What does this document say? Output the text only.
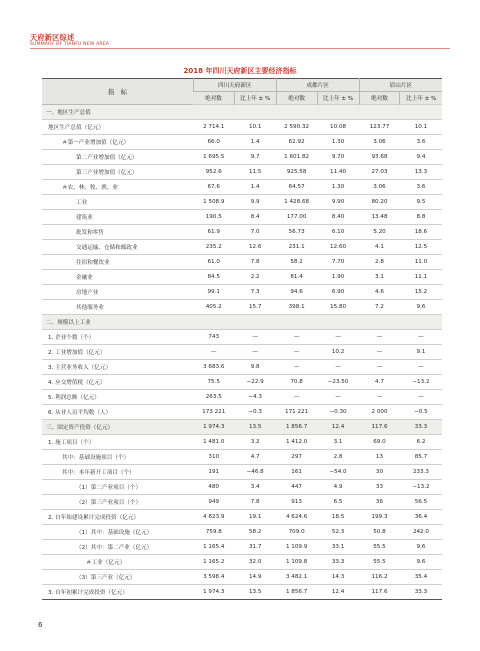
天府新区综述
SUMMARY OF TIANFU NEW AREA
2018 年四川天府新区主要经济指标
指　标	四川天府新区		成都片区		眉山片区	
	绝对数	比上年 ± %	绝对数	比上年 ± %	绝对数	比上年 ± %
一、地区生产总值						
地区生产总值（亿元）	2 714.1	10.1	2 590.32	10.08	123.77	10.1
＃第一产业增加值（亿元）	66.0	1.4	62.92	1.30	3.06	3.6
第二产业增加值（亿元）	1 695.5	9.7	1 601.82	9.70	93.68	9.4
第三产业增加值（亿元）	952.6	11.5	925.58	11.40	27.03	13.3
＃农、林、牧、渔、业	67.6	1.4	64.57	1.30	3.06	3.6
工业	1 508.9	9.9	1 428.68	9.90	80.20	9.5
建筑业	190.5	8.4	177.00	8.40	13.48	8.8
批发和零售	61.9	7.0	56.73	6.10	5.20	18.6
交通运输、仓储和邮政业	235.2	12.6	231.1	12.60	4.1	12.5
住宿和餐饮业	61.0	7.8	58.2	7.70	2.8	11.0
金融业	84.5	2.2	81.4	1.90	3.1	11.1
房地产业	99.1	7.3	94.6	6.90	4.6	15.2
其他服务业	405.2	15.7	398.1	15.80	7.2	9.6
二、规模以上工业						
1. 企业个数（个）	743	—	—	—	—	—
2. 工业增加值（亿元）	—	—	—	10.2	—	9.1
3. 主营业务收入（亿元）	3 683.6	9.8	—	—	—	—
4. 应交增值税（亿元）	75.5	−22.9	70.8	−23.50	4.7	−13.2
5. 利润总额（亿元）	263.5	−4.3	—	—	—	—
6. 从业人员平均数（人）	173 221	−0.3	171 221	−0.30	2 000	−0.5
三、固定资产投资（亿元）	1 974.3	13.5	1 856.7	12.4	117.6	33.3
1. 施工项目（个）	1 481.0	3.2	1 412.0	3.1	69.0	6.2
其中：基础设施项目（个）	310	4.7	297	2.8	13	85.7
其中：本年新开工项目（个）	191	−46.8	161	−54.0	30	233.3
（1）第二产业项目（个）	480	3.4	447	4.9	33	−13.2
（2）第三产业项目（个）	949	7.8	913	6.5	36	56.5
2. 自年始建设累计完成投资（亿元）	4 823.9	19.1	4 624.6	18.5	199.3	36.4
（1）其中：基础设施（亿元）	759.8	58.2	709.0	52.3	50.8	242.0
（2）其中：第二产业（亿元）	1 165.4	31.7	1 109.9	33.1	55.5	9.6
＃工业（亿元）	1 165.2	32.0	1 109.8	33.3	55.5	9.6
（3）第三产业（亿元）	3 598.4	14.9	3 482.1	14.3	116.2	35.4
3. 自年初累计完成投资（亿元）	1 974.3	13.5	1 856.7	12.4	117.6	33.3
6
